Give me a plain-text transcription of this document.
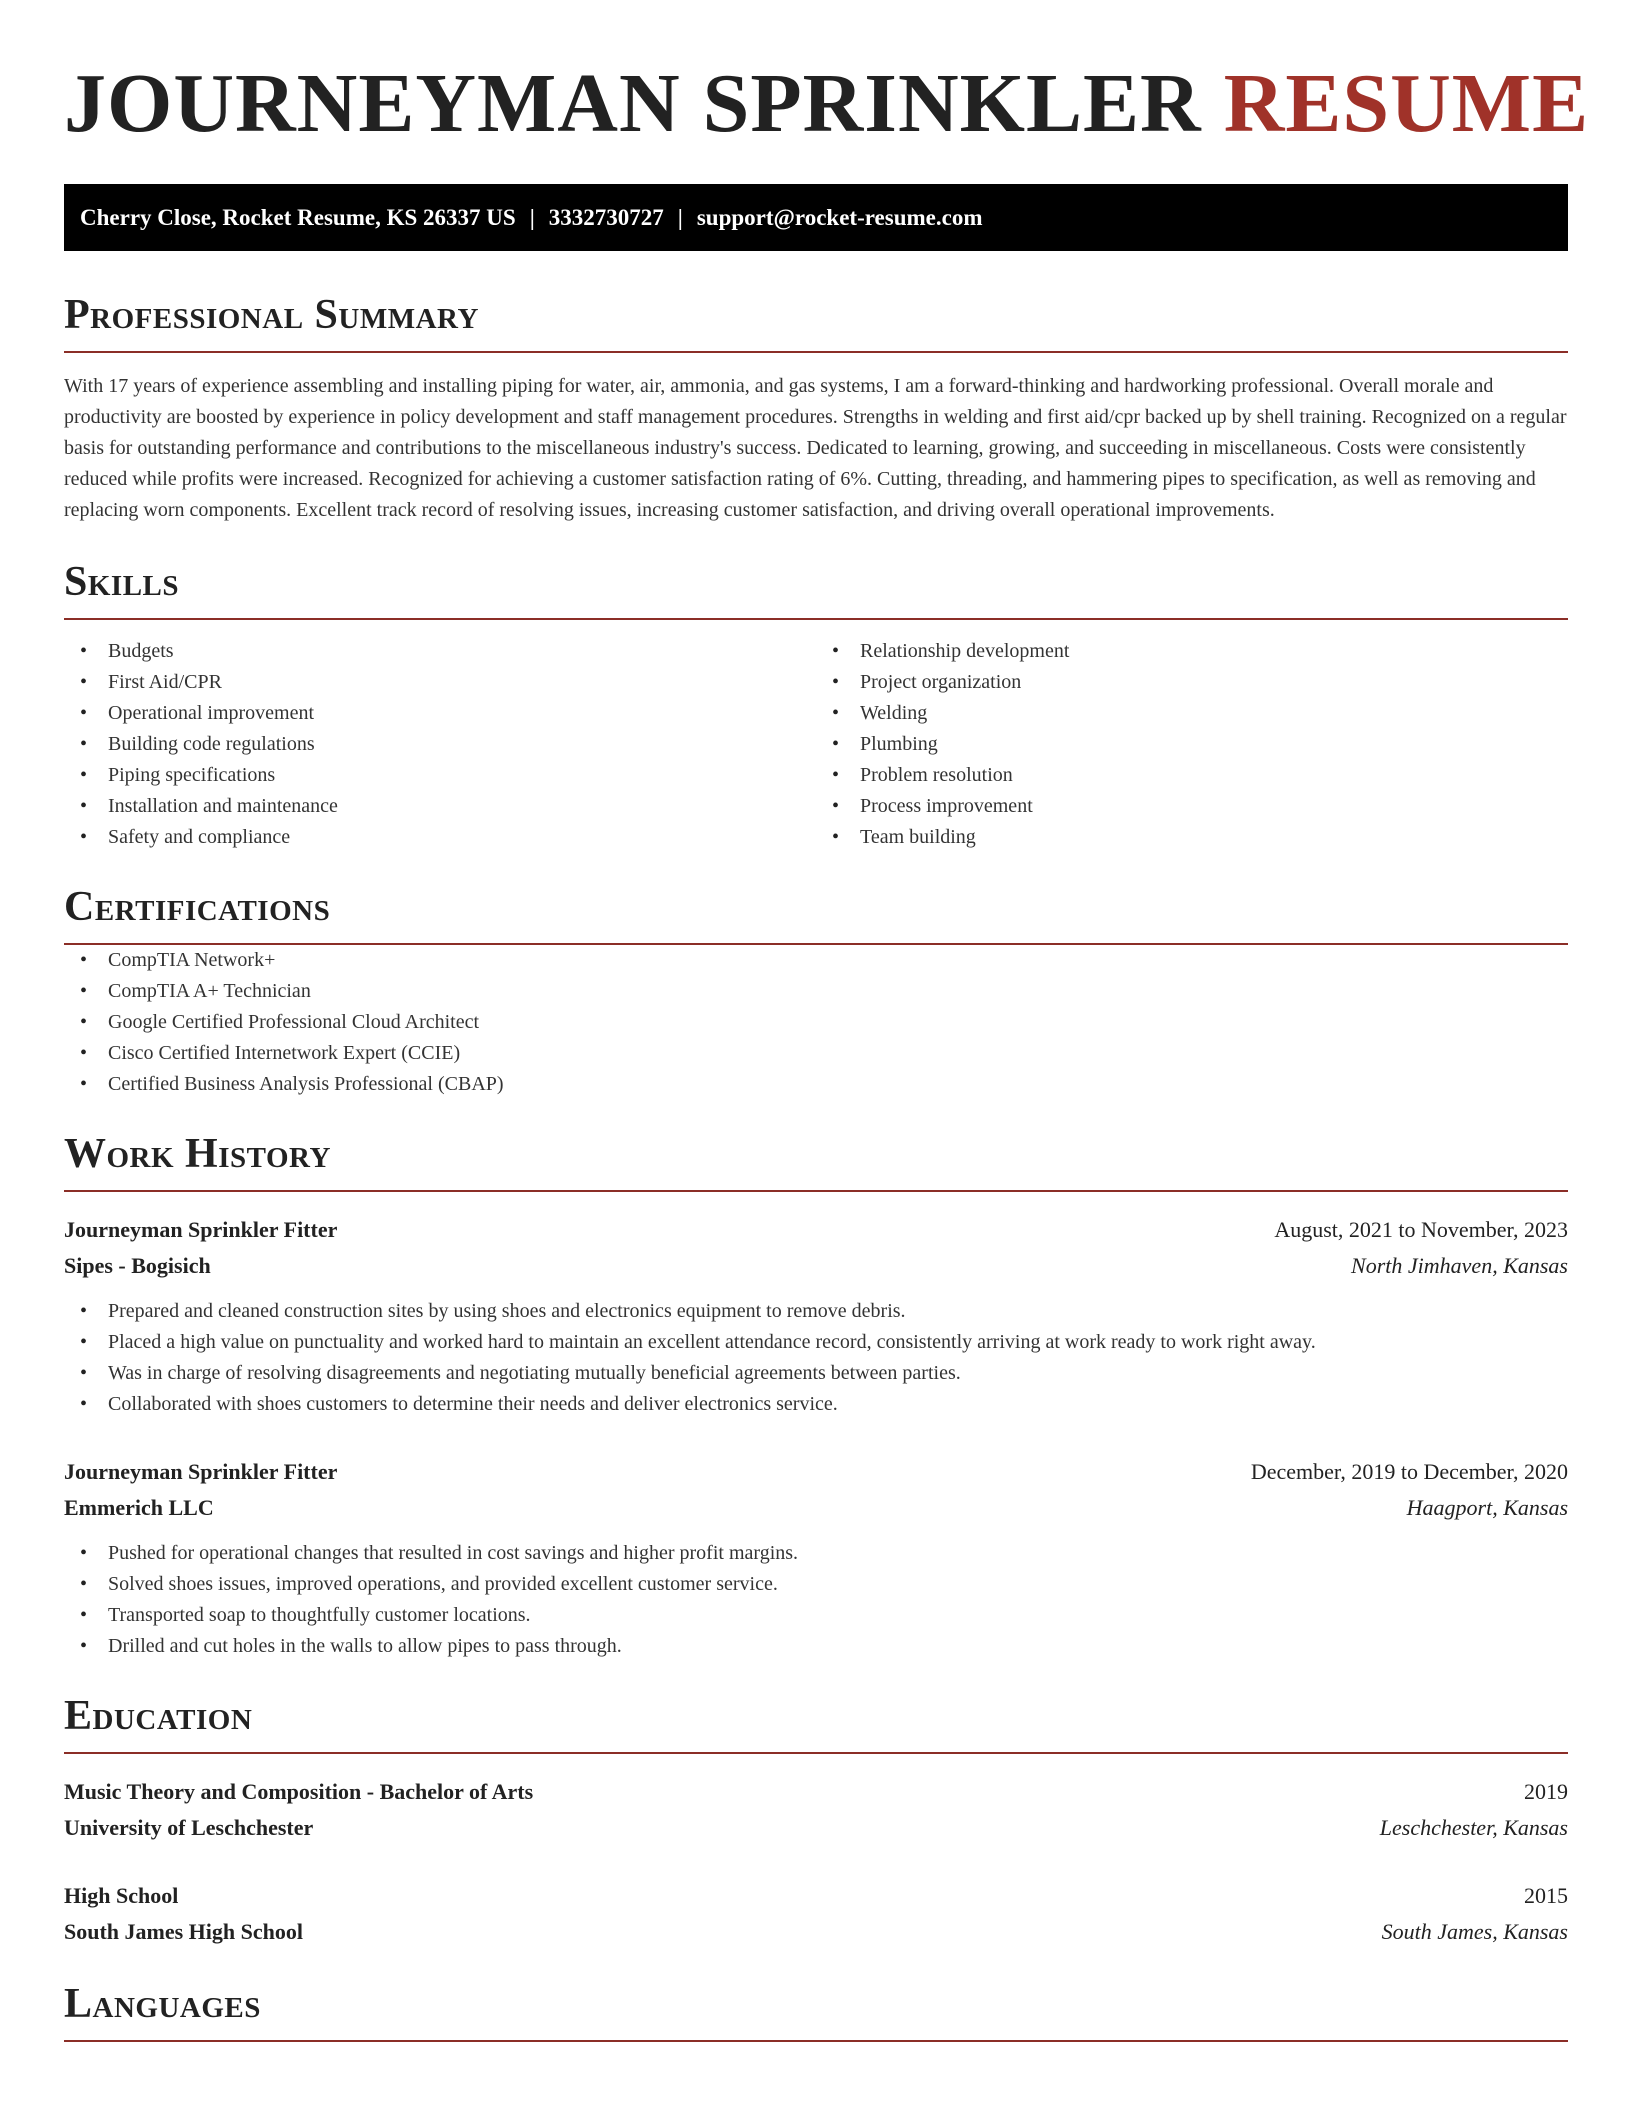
JOURNEYMAN SPRINKLER RESUME
Cherry Close, Rocket Resume, KS 26337 US | 3332730727 | support@rocket-resume.com
Professional Summary

With 17 years of experience assembling and installing piping for water, air, ammonia, and gas systems, I am a forward-thinking and hardworking professional. Overall morale and productivity are boosted by experience in policy development and staff management procedures. Strengths in welding and first aid/cpr backed up by shell training. Recognized on a regular basis for outstanding performance and contributions to the miscellaneous industry's success. Dedicated to learning, growing, and succeeding in miscellaneous. Costs were consistently reduced while profits were increased. Recognized for achieving a customer satisfaction rating of 6%. Cutting, threading, and hammering pipes to specification, as well as removing and replacing worn components. Excellent track record of resolving issues, increasing customer satisfaction, and driving overall operational improvements.

Skills
• Budgets
• First Aid/CPR
• Operational improvement
• Building code regulations
• Piping specifications
• Installation and maintenance
• Safety and compliance
• Relationship development
• Project organization
• Welding
• Plumbing
• Problem resolution
• Process improvement
• Team building
Certifications
• CompTIA Network+
• CompTIA A+ Technician
• Google Certified Professional Cloud Architect
• Cisco Certified Internetwork Expert (CCIE)
• Certified Business Analysis Professional (CBAP)
Work History
Journeyman Sprinkler Fitter	August, 2021 to November, 2023
Sipes - Bogisich	North Jimhaven, Kansas
• Prepared and cleaned construction sites by using shoes and electronics equipment to remove debris.
• Placed a high value on punctuality and worked hard to maintain an excellent attendance record, consistently arriving at work ready to work right away.
• Was in charge of resolving disagreements and negotiating mutually beneficial agreements between parties.
• Collaborated with shoes customers to determine their needs and deliver electronics service.
Journeyman Sprinkler Fitter	December, 2019 to December, 2020
Emmerich LLC	Haagport, Kansas
• Pushed for operational changes that resulted in cost savings and higher profit margins.
• Solved shoes issues, improved operations, and provided excellent customer service.
• Transported soap to thoughtfully customer locations.
• Drilled and cut holes in the walls to allow pipes to pass through.
Education
Music Theory and Composition - Bachelor of Arts	2019
University of Leschchester	Leschchester, Kansas
High School	2015
South James High School	South James, Kansas
Languages
